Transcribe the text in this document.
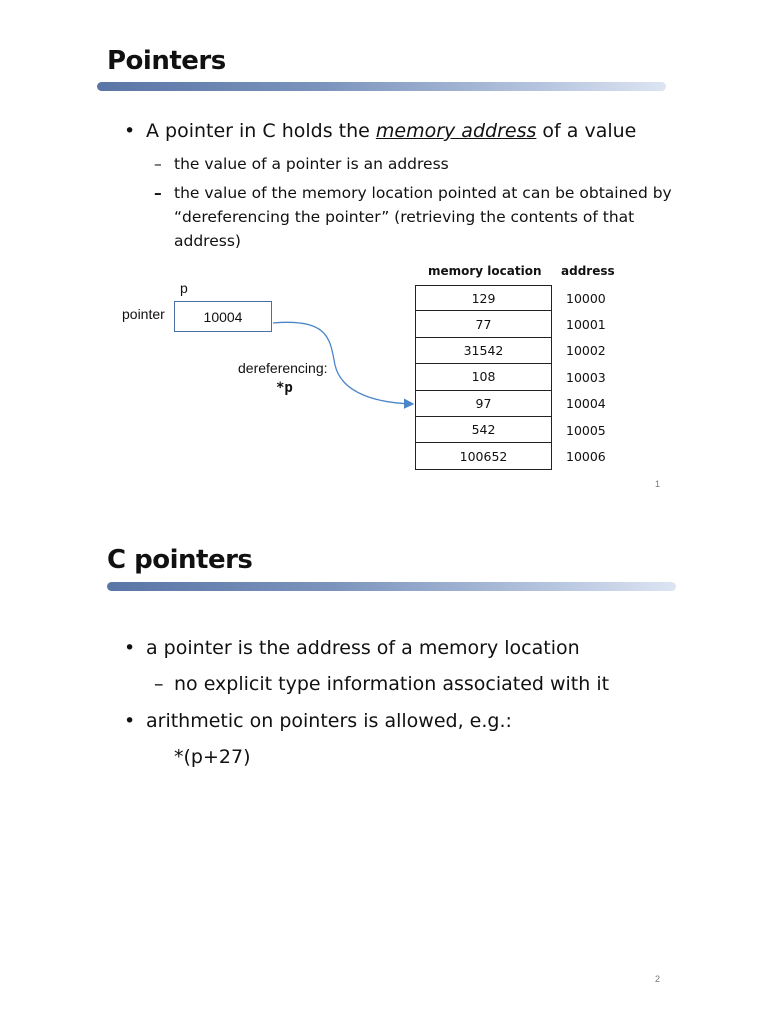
Pointers
• A pointer in C holds the memory address of a value
– the value of a pointer is an address
– the value of the memory location pointed at can be obtained by “dereferencing the pointer” (retrieving the contents of that address)
p
pointer	10004
dereferencing:
*p
memory location address
129
77
31542
108
97
542
100652
10000
10001
10002
10003
10004
10005
10006
1
C pointers
• a pointer is the address of a memory location
– no explicit type information associated with it
• arithmetic on pointers is allowed, e.g.:
*(p+27)
2
